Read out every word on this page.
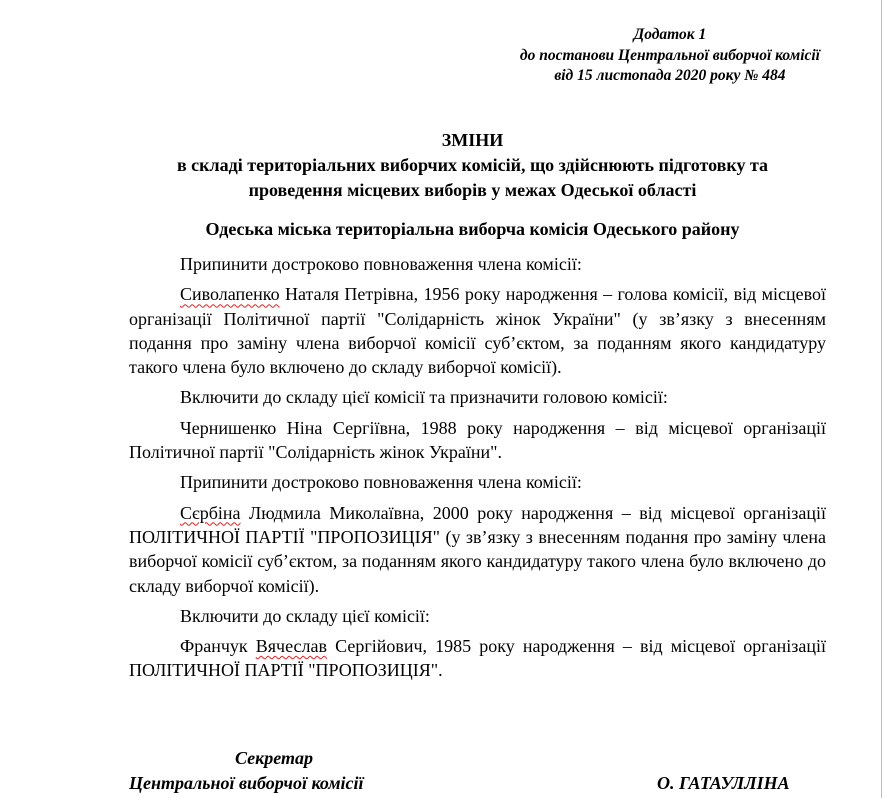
Додаток 1
до постанови Центральної виборчої комісії
від 15 листопада 2020 року № 484
ЗМІНИ
в складі територіальних виборчих комісій, що здійснюють підготовку та
проведення місцевих виборів у межах Одеської області
Одеська міська територіальна виборча комісія Одеського району

Припинити достроково повноваження члена комісії:

Сиволапенко Наталя Петрівна, 1956 року народження – голова комісії, від місцевої організації Політичної партії "Солідарність жінок України" (у зв’язку з внесенням подання про заміну члена виборчої комісії суб’єктом, за поданням якого кандидатуру такого члена було включено до складу виборчої комісії).

Включити до складу цієї комісії та призначити головою комісії:

Чернишенко Ніна Сергіївна, 1988 року народження – від місцевої організації Політичної партії "Солідарність жінок України".

Припинити достроково повноваження члена комісії:

Сєрбіна Людмила Миколаївна, 2000 року народження – від місцевої організації ПОЛІТИЧНОЇ ПАРТІЇ "ПРОПОЗИЦІЯ" (у зв’язку з внесенням подання про заміну члена виборчої комісії суб’єктом, за поданням якого кандидатуру такого члена було включено до складу виборчої комісії).

Включити до складу цієї комісії:

Франчук Вячеслав Сергійович, 1985 року народження – від місцевої організації ПОЛІТИЧНОЇ ПАРТІЇ "ПРОПОЗИЦІЯ".

Секретар
Центральної виборчої комісії	О. ГАТАУЛЛІНА
